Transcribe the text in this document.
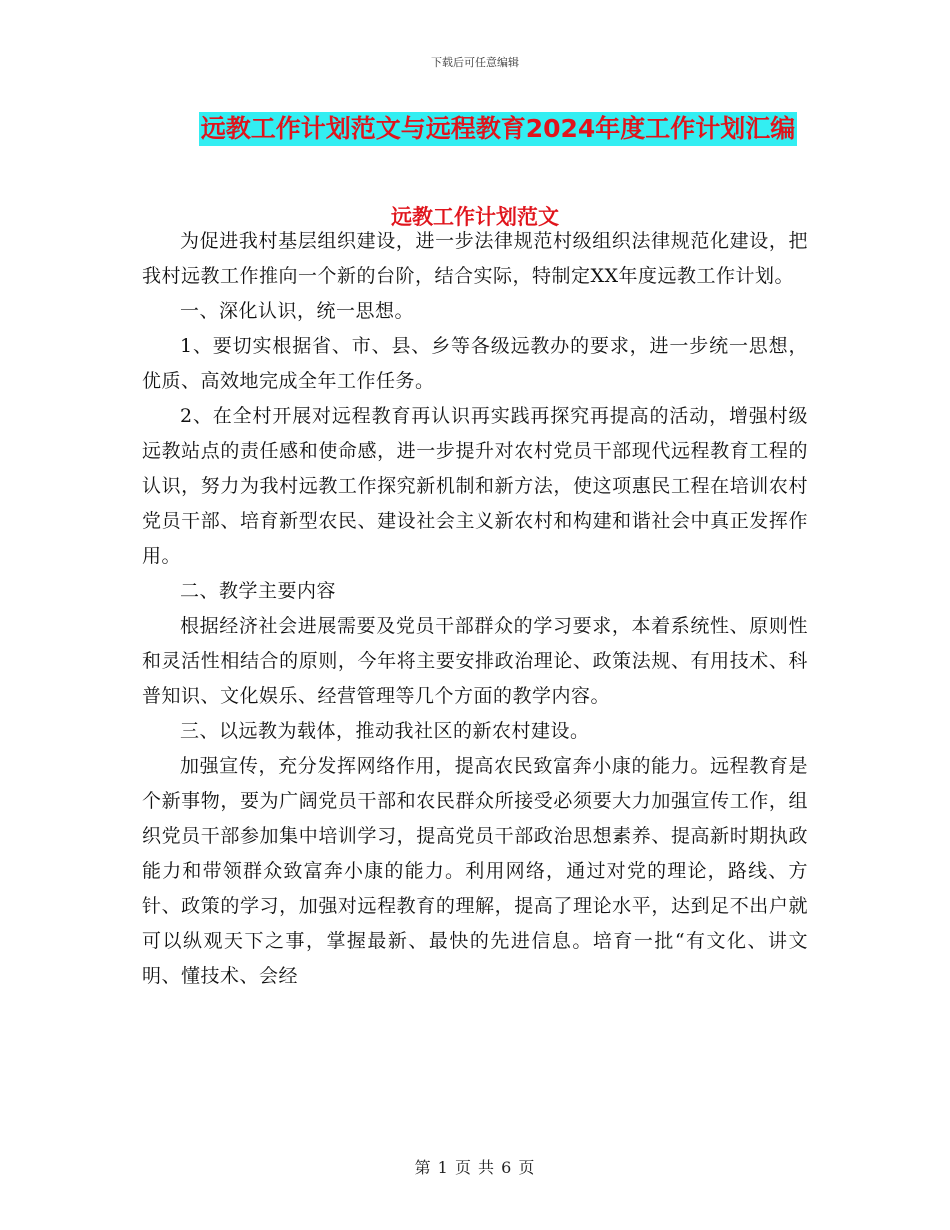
下载后可任意编辑
远教工作计划范文与远程教育2024年度工作计划汇编
远教工作计划范文

为促进我村基层组织建设，进一步法律规范村级组织法律规范化建设，把我村远教工作推向一个新的台阶，结合实际，特制定XX年度远教工作计划。

一、深化认识，统一思想。

1、要切实根据省、市、县、乡等各级远教办的要求，进一步统一思想，优质、高效地完成全年工作任务。

2、在全村开展对远程教育再认识再实践再探究再提高的活动，增强村级远教站点的责任感和使命感，进一步提升对农村党员干部现代远程教育工程的认识，努力为我村远教工作探究新机制和新方法，使这项惠民工程在培训农村党员干部、培育新型农民、建设社会主义新农村和构建和谐社会中真正发挥作用。

二、教学主要内容

根据经济社会进展需要及党员干部群众的学习要求，本着系统性、原则性和灵活性相结合的原则，今年将主要安排政治理论、政策法规、有用技术、科普知识、文化娱乐、经营管理等几个方面的教学内容。

三、以远教为载体，推动我社区的新农村建设。

加强宣传，充分发挥网络作用，提高农民致富奔小康的能力。远程教育是个新事物，要为广阔党员干部和农民群众所接受必须要大力加强宣传工作，组织党员干部参加集中培训学习，提高党员干部政治思想素养、提高新时期执政能力和带领群众致富奔小康的能力。利用网络，通过对党的理论，路线、方针、政策的学习，加强对远程教育的理解，提高了理论水平，达到足不出户就可以纵观天下之事，掌握最新、最快的先进信息。培育一批“有文化、讲文明、懂技术、会经

第 1 页 共 6 页
